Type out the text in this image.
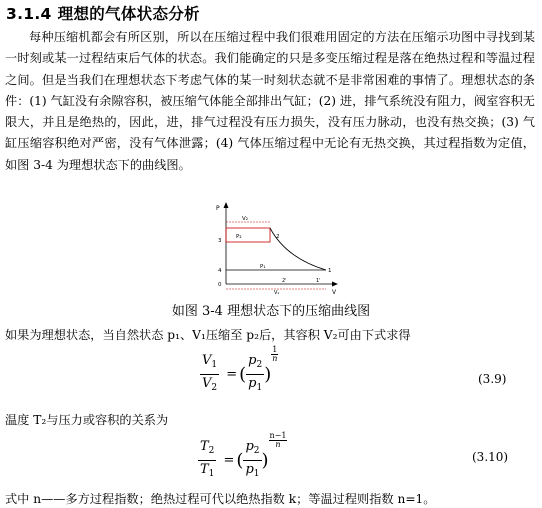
3.1.4 理想的气体状态分析
每种压缩机都会有所区别，所以在压缩过程中我们很难用固定的方法在压缩示功图中寻找到某一时刻或某一过程结束后气体的状态。我们能确定的只是多变压缩过程是落在绝热过程和等温过程之间。但是当我们在理想状态下考虑气体的某一时刻状态就不是非常困难的事情了。理想状态的条件：(1) 气缸没有余隙容积，被压缩气体能全部排出气缸；(2) 进，排气系统没有阻力，阀室容积无限大，并且是绝热的，因此，进，排气过程没有压力损失，没有压力脉动，也没有热交换；(3) 气缸压缩容积绝对严密，没有气体泄露；(4) 气体压缩过程中无论有无热交换，其过程指数为定值，如图 3-4 为理想状态下的曲线图。
P
V
V₂
P₂	2
P₁
1
2'	1'
V₁
3
4
0
如图 3-4 理想状态下的压缩曲线图
如果为理想状态，当自然状态 p₁、V₁压缩至 p₂后，其容积 V₂可由下式求得
$\frac{V_1}{V_2}$ = ( $\frac{p_2}{p_1}$ )
$\frac{1}{n}$
(3.9)
温度 T₂与压力或容积的关系为
$\frac{T_2}{T_1}$ = ( $\frac{p_2}{p_1}$ )
$\frac{n-1}{n}$
(3.10)
式中 n——多方过程指数；绝热过程可代以绝热指数 k；等温过程则指数 n=1。
